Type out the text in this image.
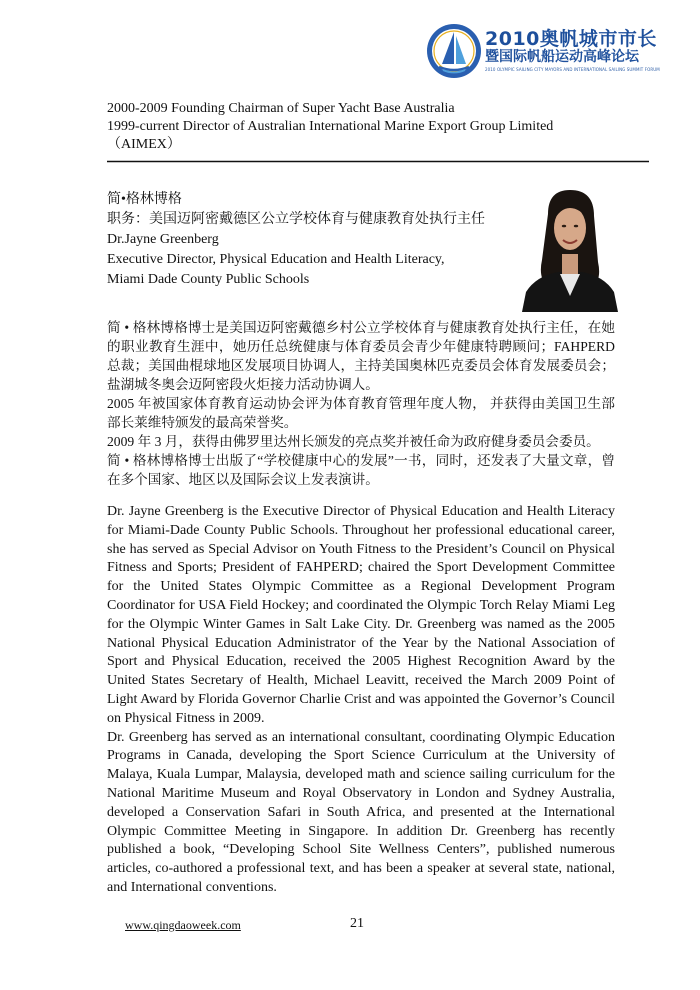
2010奥帆城市市长
暨国际帆船运动高峰论坛
2010 OLYMPIC SAILING CITY MAYORS AND INTERNATIONAL SAILING SUMMIT FORUM
2000-2009 Founding Chairman of Super Yacht Base Australia
1999-current Director of Australian International Marine Export Group Limited
（AIMEX）
简•格林博格
职务：美国迈阿密戴德区公立学校体育与健康教育处执行主任
Dr.Jayne Greenberg
Executive Director, Physical Education and Health Literacy,
Miami Dade County Public Schools

简 • 格林博格博士是美国迈阿密戴德乡村公立学校体育与健康教育处执行主任，在她的职业教育生涯中，她历任总统健康与体育委员会青少年健康特聘顾问；FAHPERD总裁；美国曲棍球地区发展项目协调人，主持美国奥林匹克委员会体育发展委员会；盐湖城冬奥会迈阿密段火炬接力活动协调人。

2005 年被国家体育教育运动协会评为体育教育管理年度人物， 并获得由美国卫生部部长莱维特颁发的最高荣誉奖。

2009 年 3 月，获得由佛罗里达州长颁发的亮点奖并被任命为政府健身委员会委员。

简 • 格林博格博士出版了“学校健康中心的发展”一书，同时，还发表了大量文章，曾在多个国家、地区以及国际会议上发表演讲。

Dr. Jayne Greenberg is the Executive Director of Physical Education and Health Literacy for Miami-Dade County Public Schools. Throughout her professional educational career, she has served as Special Advisor on Youth Fitness to the President’s Council on Physical Fitness and Sports; President of FAHPERD; chaired the Sport Development Committee for the United States Olympic Committee as a Regional Development Program Coordinator for USA Field Hockey; and coordinated the Olympic Torch Relay Miami Leg for the Olympic Winter Games in Salt Lake City. Dr. Greenberg was named as the 2005 National Physical Education Administrator of the Year by the National Association of Sport and Physical Education, received the 2005 Highest Recognition Award by the United States Secretary of Health, Michael Leavitt, received the March 2009 Point of Light Award by Florida Governor Charlie Crist and was appointed the Governor’s Council on Physical Fitness in 2009.

Dr. Greenberg has served as an international consultant, coordinating Olympic Education Programs in Canada, developing the Sport Science Curriculum at the University of Malaya, Kuala Lumpar, Malaysia, developed math and science sailing curriculum for the National Maritime Museum and Royal Observatory in London and Sydney Australia, developed a Conservation Safari in South Africa, and presented at the International Olympic Committee Meeting in Singapore. In addition Dr. Greenberg has recently published a book, “Developing School Site Wellness Centers”, published numerous articles, co-authored a professional text, and has been a speaker at several state, national, and International conventions.

www.qingdaoweek.com	21
